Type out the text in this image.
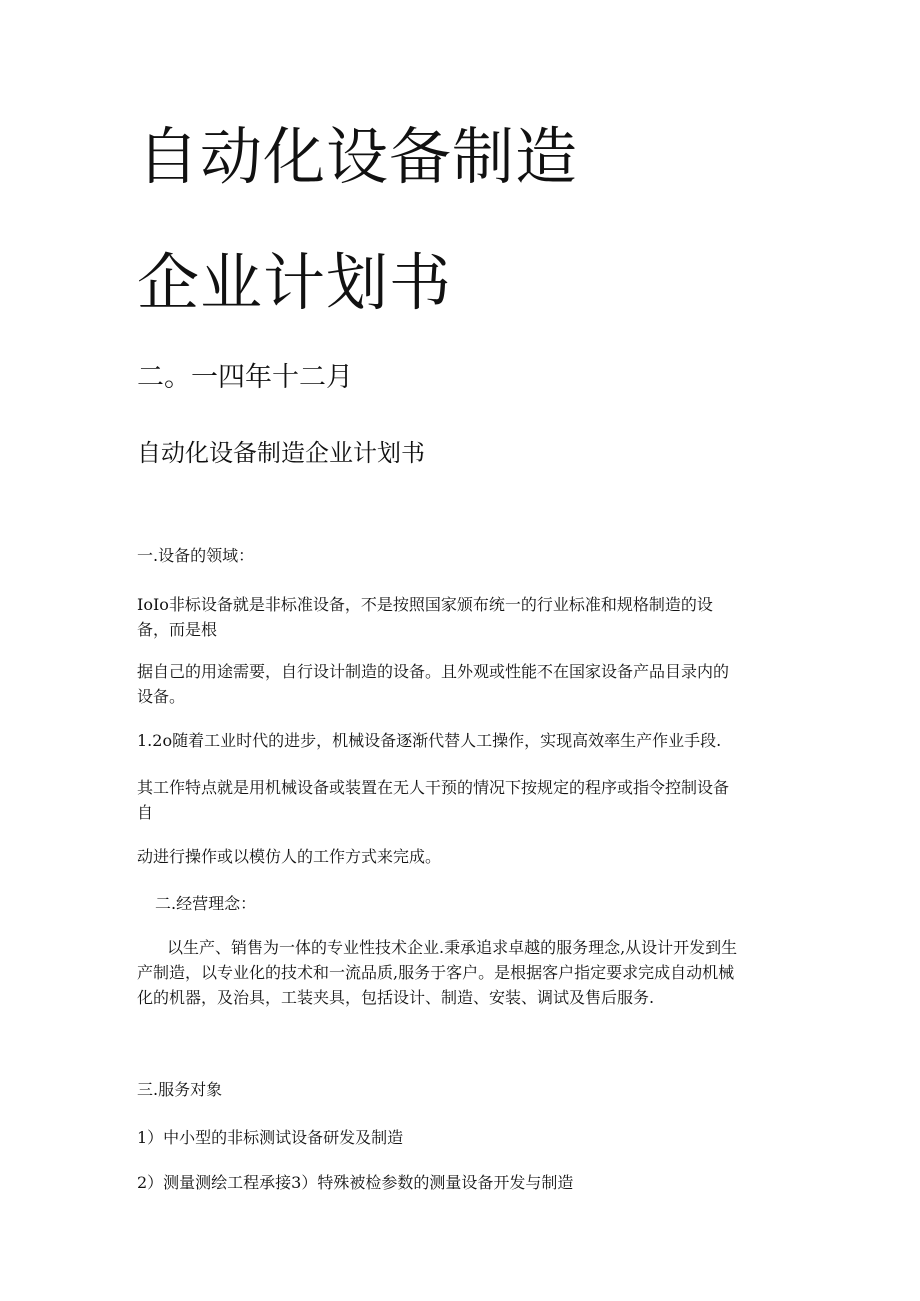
自动化设备制造
企业计划书
二。一四年十二月
自动化设备制造企业计划书
一.设备的领域：
IoIo非标设备就是非标准设备，不是按照国家颁布统一的行业标准和规格制造的设
备，而是根
据自己的用途需要，自行设计制造的设备。且外观或性能不在国家设备产品目录内的
设备。
1.2o随着工业时代的进步，机械设备逐渐代替人工操作，实现高效率生产作业手段.
其工作特点就是用机械设备或装置在无人干预的情况下按规定的程序或指令控制设备
自
动进行操作或以模仿人的工作方式来完成。
二.经营理念：
以生产、销售为一体的专业性技术企业.秉承追求卓越的服务理念,从设计开发到生
产制造，以专业化的技术和一流品质,服务于客户。是根据客户指定要求完成自动机械
化的机器，及治具，工装夹具，包括设计、制造、安装、调试及售后服务.
三.服务对象
1）中小型的非标测试设备研发及制造
2）测量测绘工程承接3）特殊被检参数的测量设备开发与制造
